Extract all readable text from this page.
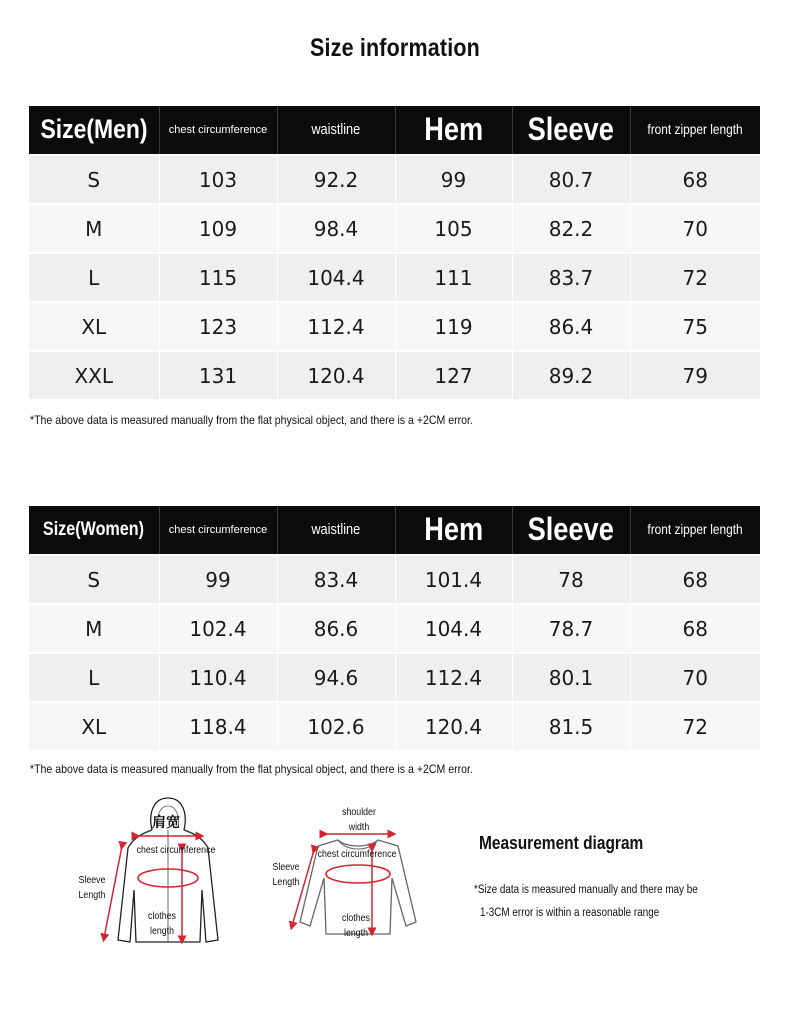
Size information
Size(Men)	chest circumference	waistline	Hem	Sleeve	front zipper length
S	103	92.2	99	80.7	68
M	109	98.4	105	82.2	70
L	115	104.4	111	83.7	72
XL	123	112.4	119	86.4	75
XXL	131	120.4	127	89.2	79
*The above data is measured manually from the flat physical object, and there is a +2CM error.
Size(Women)	chest circumference	waistline	Hem	Sleeve	front zipper length
S	99	83.4	101.4	78	68
M	102.4	86.6	104.4	78.7	68
L	110.4	94.6	112.4	80.1	70
XL	118.4	102.6	120.4	81.5	72
*The above data is measured manually from the flat physical object, and there is a +2CM error.
肩宽
chest circumference
Sleeve Length
clothes length
shoulder width
chest circumference
Sleeve Length
clothes length
Measurement diagram
*Size data is measured manually and there may be
1-3CM error is within a reasonable range
